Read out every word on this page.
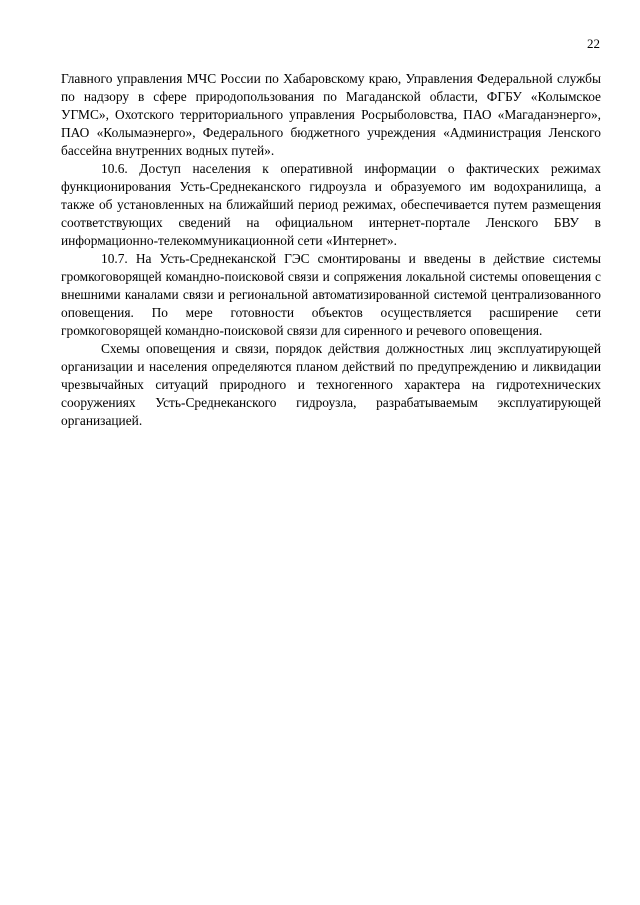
22

Главного управления МЧС России по Хабаровскому краю, Управления Федеральной службы по надзору в сфере природопользования по Магаданской области, ФГБУ «Колымское УГМС», Охотского территориального управления Росрыболовства, ПАО «Магаданэнерго», ПАО «Колымаэнерго», Федерального бюджетного учреждения «Администрация Ленского бассейна внутренних водных путей».

10.6. Доступ населения к оперативной информации о фактических режимах функционирования Усть-Среднеканского гидроузла и образуемого им водохранилища, а также об установленных на ближайший период режимах, обеспечивается путем размещения соответствующих сведений на официальном интернет-портале Ленского БВУ в информационно-телекоммуникационной сети «Интернет».

10.7. На Усть-Среднеканской ГЭС смонтированы и введены в действие системы громкоговорящей командно-поисковой связи и сопряжения локальной системы оповещения с внешними каналами связи и региональной автоматизированной системой централизованного оповещения. По мере готовности объектов осуществляется расширение сети громкоговорящей командно-поисковой связи для сиренного и речевого оповещения.

Схемы оповещения и связи, порядок действия должностных лиц эксплуатирующей организации и населения определяются планом действий по предупреждению и ликвидации чрезвычайных ситуаций природного и техногенного характера на гидротехнических сооружениях Усть-Среднеканского гидроузла, разрабатываемым эксплуатирующей организацией.
